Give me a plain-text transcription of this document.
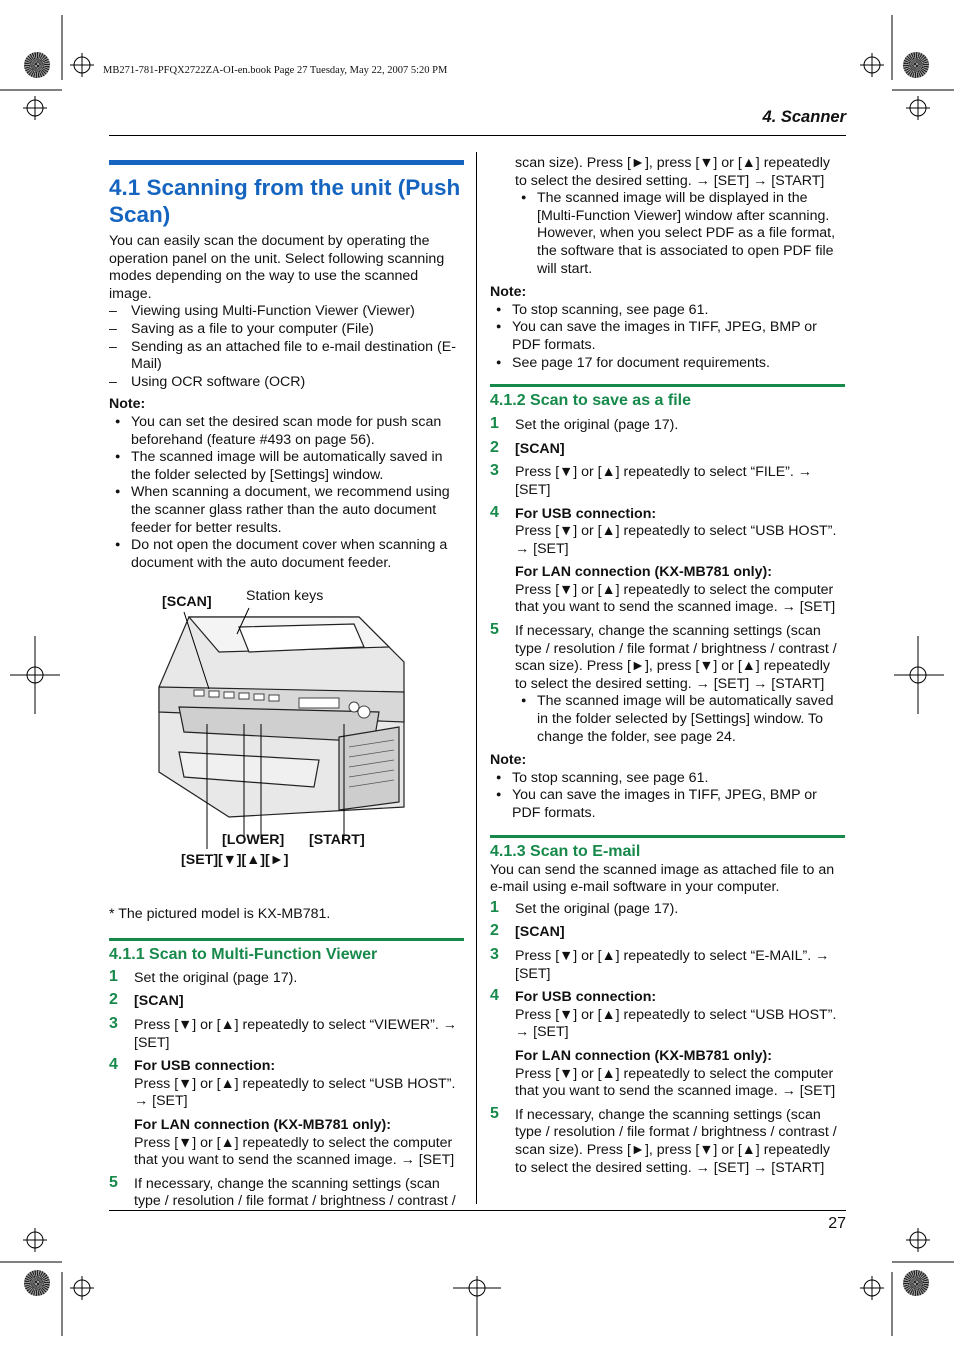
MB271-781-PFQX2722ZA-OI-en.book Page 27 Tuesday, May 22, 2007 5:20 PM
4. Scanner
27
4.1 Scanning from the unit (Push Scan)

You can easily scan the document by operating the operation panel on the unit. Select following scanning modes depending on the way to use the scanned image.

– Viewing using Multi-Function Viewer (Viewer)
– Saving as a file to your computer (File)
– Sending as an attached file to e-mail destination (E-Mail)
– Using OCR software (OCR)
Note:
● You can set the desired scan mode for push scan beforehand (feature #493 on page 56).
● The scanned image will be automatically saved in the folder selected by [Settings] window.
● When scanning a document, we recommend using the scanner glass rather than the auto document feeder for better results.
● Do not open the document cover when scanning a document with the auto document feeder.
[SCAN] Station keys
[LOWER] [START]
[SET][▼][▲][►]
* The pictured model is KX-MB781.
4.1.1 Scan to Multi-Function Viewer
1 Set the original (page 17).
2 [SCAN]
3 Press [▼] or [▲] repeatedly to select “VIEWER”. → [SET]
4 For USB connection:
Press [▼] or [▲] repeatedly to select “USB HOST”. → [SET]
For LAN connection (KX-MB781 only):
Press [▼] or [▲] repeatedly to select the computer that you want to send the scanned image. → [SET]
5 If necessary, change the scanning settings (scan type / resolution / file format / brightness / contrast /
scan size). Press [►], press [▼] or [▲] repeatedly to select the desired setting. → [SET] → [START]
● The scanned image will be displayed in the [Multi-Function Viewer] window after scanning. However, when you select PDF as a file format, the software that is associated to open PDF file will start.
Note:
● To stop scanning, see page 61.
● You can save the images in TIFF, JPEG, BMP or PDF formats.
● See page 17 for document requirements.
4.1.2 Scan to save as a file
1 Set the original (page 17).
2 [SCAN]
3 Press [▼] or [▲] repeatedly to select “FILE”. → [SET]
4 For USB connection:
Press [▼] or [▲] repeatedly to select “USB HOST”. → [SET]
For LAN connection (KX-MB781 only):
Press [▼] or [▲] repeatedly to select the computer that you want to send the scanned image. → [SET]
5 If necessary, change the scanning settings (scan type / resolution / file format / brightness / contrast / scan size). Press [►], press [▼] or [▲] repeatedly to select the desired setting. → [SET] → [START]
● The scanned image will be automatically saved in the folder selected by [Settings] window. To change the folder, see page 24.
Note:
● To stop scanning, see page 61.
● You can save the images in TIFF, JPEG, BMP or PDF formats.
4.1.3 Scan to E-mail

You can send the scanned image as attached file to an e-mail using e-mail software in your computer.

1 Set the original (page 17).
2 [SCAN]
3 Press [▼] or [▲] repeatedly to select “E-MAIL”. → [SET]
4 For USB connection:
Press [▼] or [▲] repeatedly to select “USB HOST”. → [SET]
For LAN connection (KX-MB781 only):
Press [▼] or [▲] repeatedly to select the computer that you want to send the scanned image. → [SET]
5 If necessary, change the scanning settings (scan type / resolution / file format / brightness / contrast / scan size). Press [►], press [▼] or [▲] repeatedly to select the desired setting. → [SET] → [START]
